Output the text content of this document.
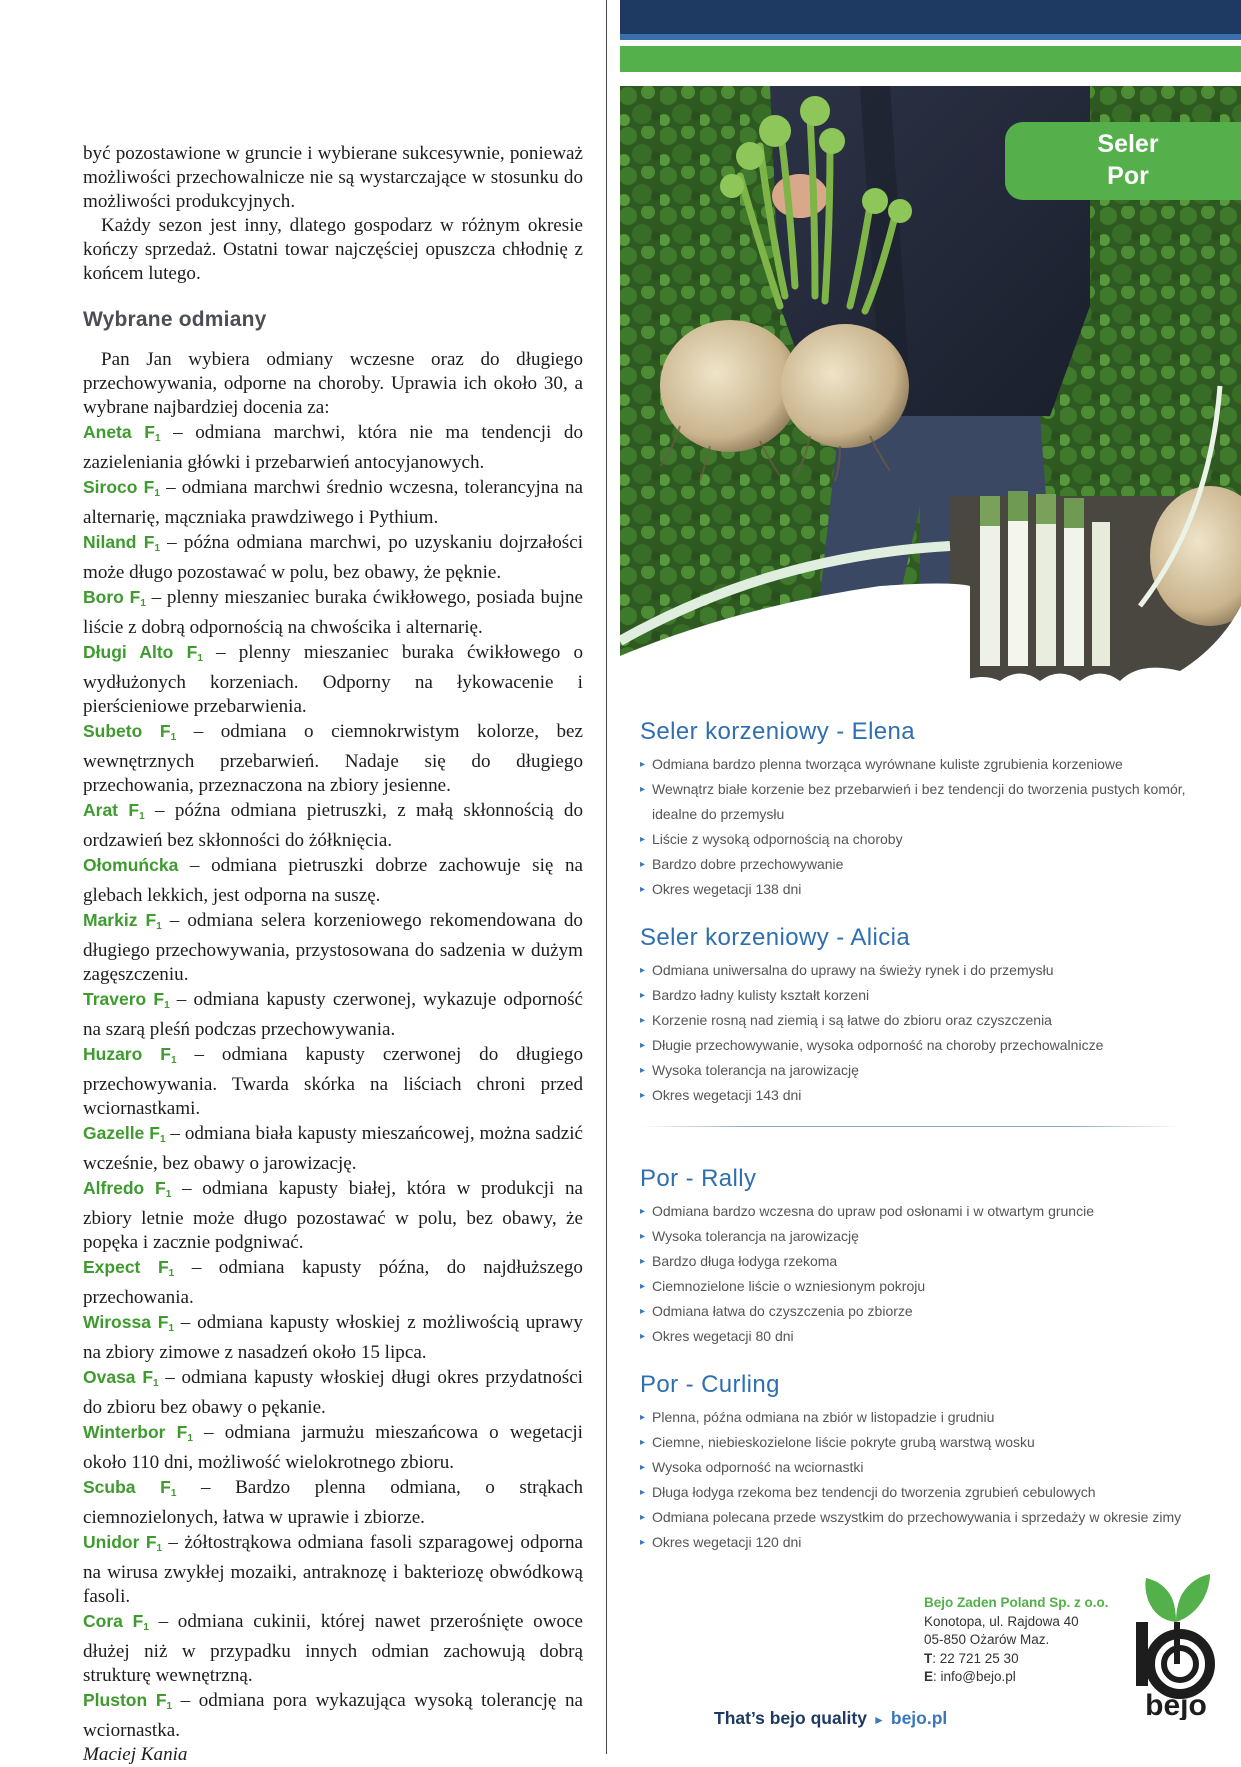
być pozostawione w gruncie i wybierane sukcesywnie, ponieważ możliwości przechowalnicze nie są wystarczające w stosunku do możliwości produkcyjnych.

Każdy sezon jest inny, dlatego gospodarz w różnym okresie kończy sprzedaż. Ostatni towar najczęściej opuszcza chłodnię z końcem lutego.

Wybrane odmiany

Pan Jan wybiera odmiany wczesne oraz do długiego przechowywania, odporne na choroby. Uprawia ich około 30, a wybrane najbardziej docenia za:

Aneta $F_1$ – odmiana marchwi, która nie ma tendencji do zazieleniania główki i przebarwień antocyjanowych.

Siroco $F_1$ – odmiana marchwi średnio wczesna, tolerancyjna na alternarię, mączniaka prawdziwego i Pythium.

Niland $F_1$ – późna odmiana marchwi, po uzyskaniu dojrzałości może długo pozostawać w polu, bez obawy, że pęknie.

Boro $F_1$ – plenny mieszaniec buraka ćwikłowego, posiada bujne liście z dobrą odpornością na chwościka i alternarię.

Długi Alto $F_1$ – plenny mieszaniec buraka ćwikłowego o wydłużonych korzeniach. Odporny na łykowacenie i pierścieniowe przebarwienia.

Subeto $F_1$ – odmiana o ciemnokrwistym kolorze, bez wewnętrznych przebarwień. Nadaje się do długiego przechowania, przeznaczona na zbiory jesienne.

Arat $F_1$ – późna odmiana pietruszki, z małą skłonnością do ordzawień bez skłonności do żółknięcia.

Ołomuńcka – odmiana pietruszki dobrze zachowuje się na glebach lekkich, jest odporna na suszę.

Markiz $F_1$ – odmiana selera korzeniowego rekomendowana do długiego przechowywania, przystosowana do sadzenia w dużym zagęszczeniu.

Travero $F_1$ – odmiana kapusty czerwonej, wykazuje odporność na szarą pleśń podczas przechowywania.

Huzaro $F_1$ – odmiana kapusty czerwonej do długiego przechowywania. Twarda skórka na liściach chroni przed wciornastkami.

Gazelle $F_1$ – odmiana biała kapusty mieszańcowej, można sadzić wcześnie, bez obawy o jarowizację.

Alfredo $F_1$ – odmiana kapusty białej, która w produkcji na zbiory letnie może długo pozostawać w polu, bez obawy, że popęka i zacznie podgniwać.

Expect $F_1$ – odmiana kapusty późna, do najdłuższego przechowania.

Wirossa $F_1$ – odmiana kapusty włoskiej z możliwością uprawy na zbiory zimowe z nasadzeń około 15 lipca.

Ovasa $F_1$ – odmiana kapusty włoskiej długi okres przydatności do zbioru bez obawy o pękanie.

Winterbor $F_1$ – odmiana jarmużu mieszańcowa o wegetacji około 110 dni, możliwość wielokrotnego zbioru.

Scuba $F_1$ – Bardzo plenna odmiana, o strąkach ciemnozielonych, łatwa w uprawie i zbiorze.

Unidor $F_1$ – żółtostrąkowa odmiana fasoli szparagowej odporna na wirusa zwykłej mozaiki, antraknozę i bakteriozę obwódkową fasoli.

Cora $F_1$ – odmiana cukinii, której nawet przerośnięte owoce dłużej niż w przypadku innych odmian zachowują dobrą strukturę wewnętrzną.

Pluston $F_1$ – odmiana pora wykazująca wysoką tolerancję na wciornastka.

Maciej Kania

Seler
Por
Seler korzeniowy - Elena
▸ Odmiana bardzo plenna tworząca wyrównane kuliste zgrubienia korzeniowe
▸ Wewnątrz białe korzenie bez przebarwień i bez tendencji do tworzenia pustych komór, idealne do przemysłu
▸ Liście z wysoką odpornością na choroby
▸ Bardzo dobre przechowywanie
▸ Okres wegetacji 138 dni
Seler korzeniowy - Alicia
▸ Odmiana uniwersalna do uprawy na świeży rynek i do przemysłu
▸ Bardzo ładny kulisty kształt korzeni
▸ Korzenie rosną nad ziemią i są łatwe do zbioru oraz czyszczenia
▸ Długie przechowywanie, wysoka odporność na choroby przechowalnicze
▸ Wysoka tolerancja na jarowizację
▸ Okres wegetacji 143 dni
Por - Rally
▸ Odmiana bardzo wczesna do upraw pod osłonami i w otwartym gruncie
▸ Wysoka tolerancja na jarowizację
▸ Bardzo długa łodyga rzekoma
▸ Ciemnozielone liście o wzniesionym pokroju
▸ Odmiana łatwa do czyszczenia po zbiorze
▸ Okres wegetacji 80 dni
Por - Curling
▸ Plenna, późna odmiana na zbiór w listopadzie i grudniu
▸ Ciemne, niebieskozielone liście pokryte grubą warstwą wosku
▸ Wysoka odporność na wciornastki
▸ Długa łodyga rzekoma bez tendencji do tworzenia zgrubień cebulowych
▸ Odmiana polecana przede wszystkim do przechowywania i sprzedaży w okresie zimy
▸ Okres wegetacji 120 dni
Bejo Zaden Poland Sp. z o.o.
Konotopa, ul. Rajdowa 40
05-850 Ożarów Maz.
T: 22 721 25 30
E: info@bejo.pl
bejo
That’s bejo quality ► bejo.pl
